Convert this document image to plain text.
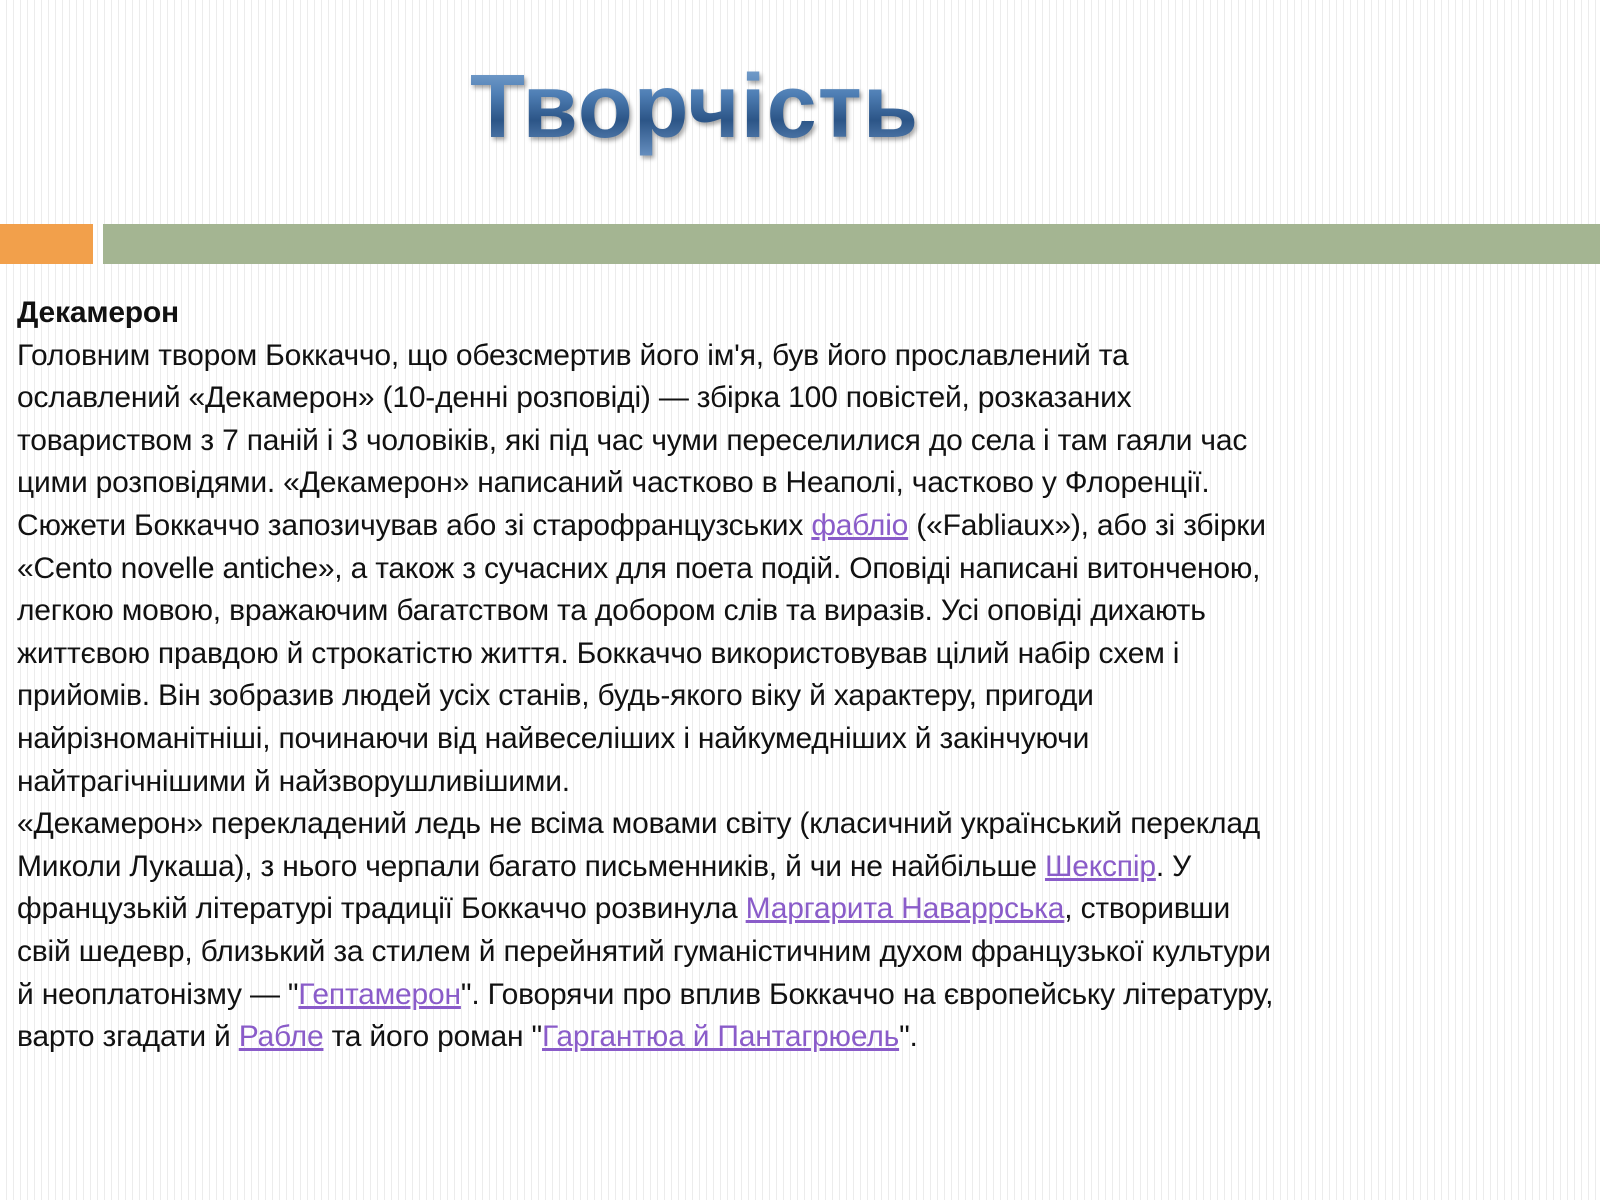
Творчість

Декамерон

Головним твором Боккаччо, що обезсмертив його ім'я, був його прославлений та

ославлений «Декамерон» (10-денні розповіді) — збірка 100 повістей, розказаних

товариством з 7 паній і 3 чоловіків, які під час чуми переселилися до села і там гаяли час

цими розповідями. «Декамерон» написаний частково в Неаполі, частково у Флоренції.

Сюжети Боккаччо запозичував або зі старофранцузських фабліо («Fabliaux»), або зі збірки

«Cento novelle antiche», а також з сучасних для поета подій. Оповіді написані витонченою,

легкою мовою, вражаючим багатством та добором слів та виразів. Усі оповіді дихають

життєвою правдою й строкатістю життя. Боккаччо використовував цілий набір схем і

прийомів. Він зобразив людей усіх станів, будь-якого віку й характеру, пригоди

найрізноманітніші, починаючи від найвеселіших і найкумедніших й закінчуючи

найтрагічнішими й найзворушливішими.

«Декамерон» перекладений ледь не всіма мовами світу (класичний український переклад

Миколи Лукаша), з нього черпали багато письменників, й чи не найбільше Шекспір. У

французькій літературі традиції Боккаччо розвинула Маргарита Наваррська, створивши

свій шедевр, близький за стилем й перейнятий гуманістичним духом французької культури

й неоплатонізму — "Гептамерон". Говорячи про вплив Боккаччо на європейську літературу,

варто згадати й Рабле та його роман "Гаргантюа й Пантагрюель".
